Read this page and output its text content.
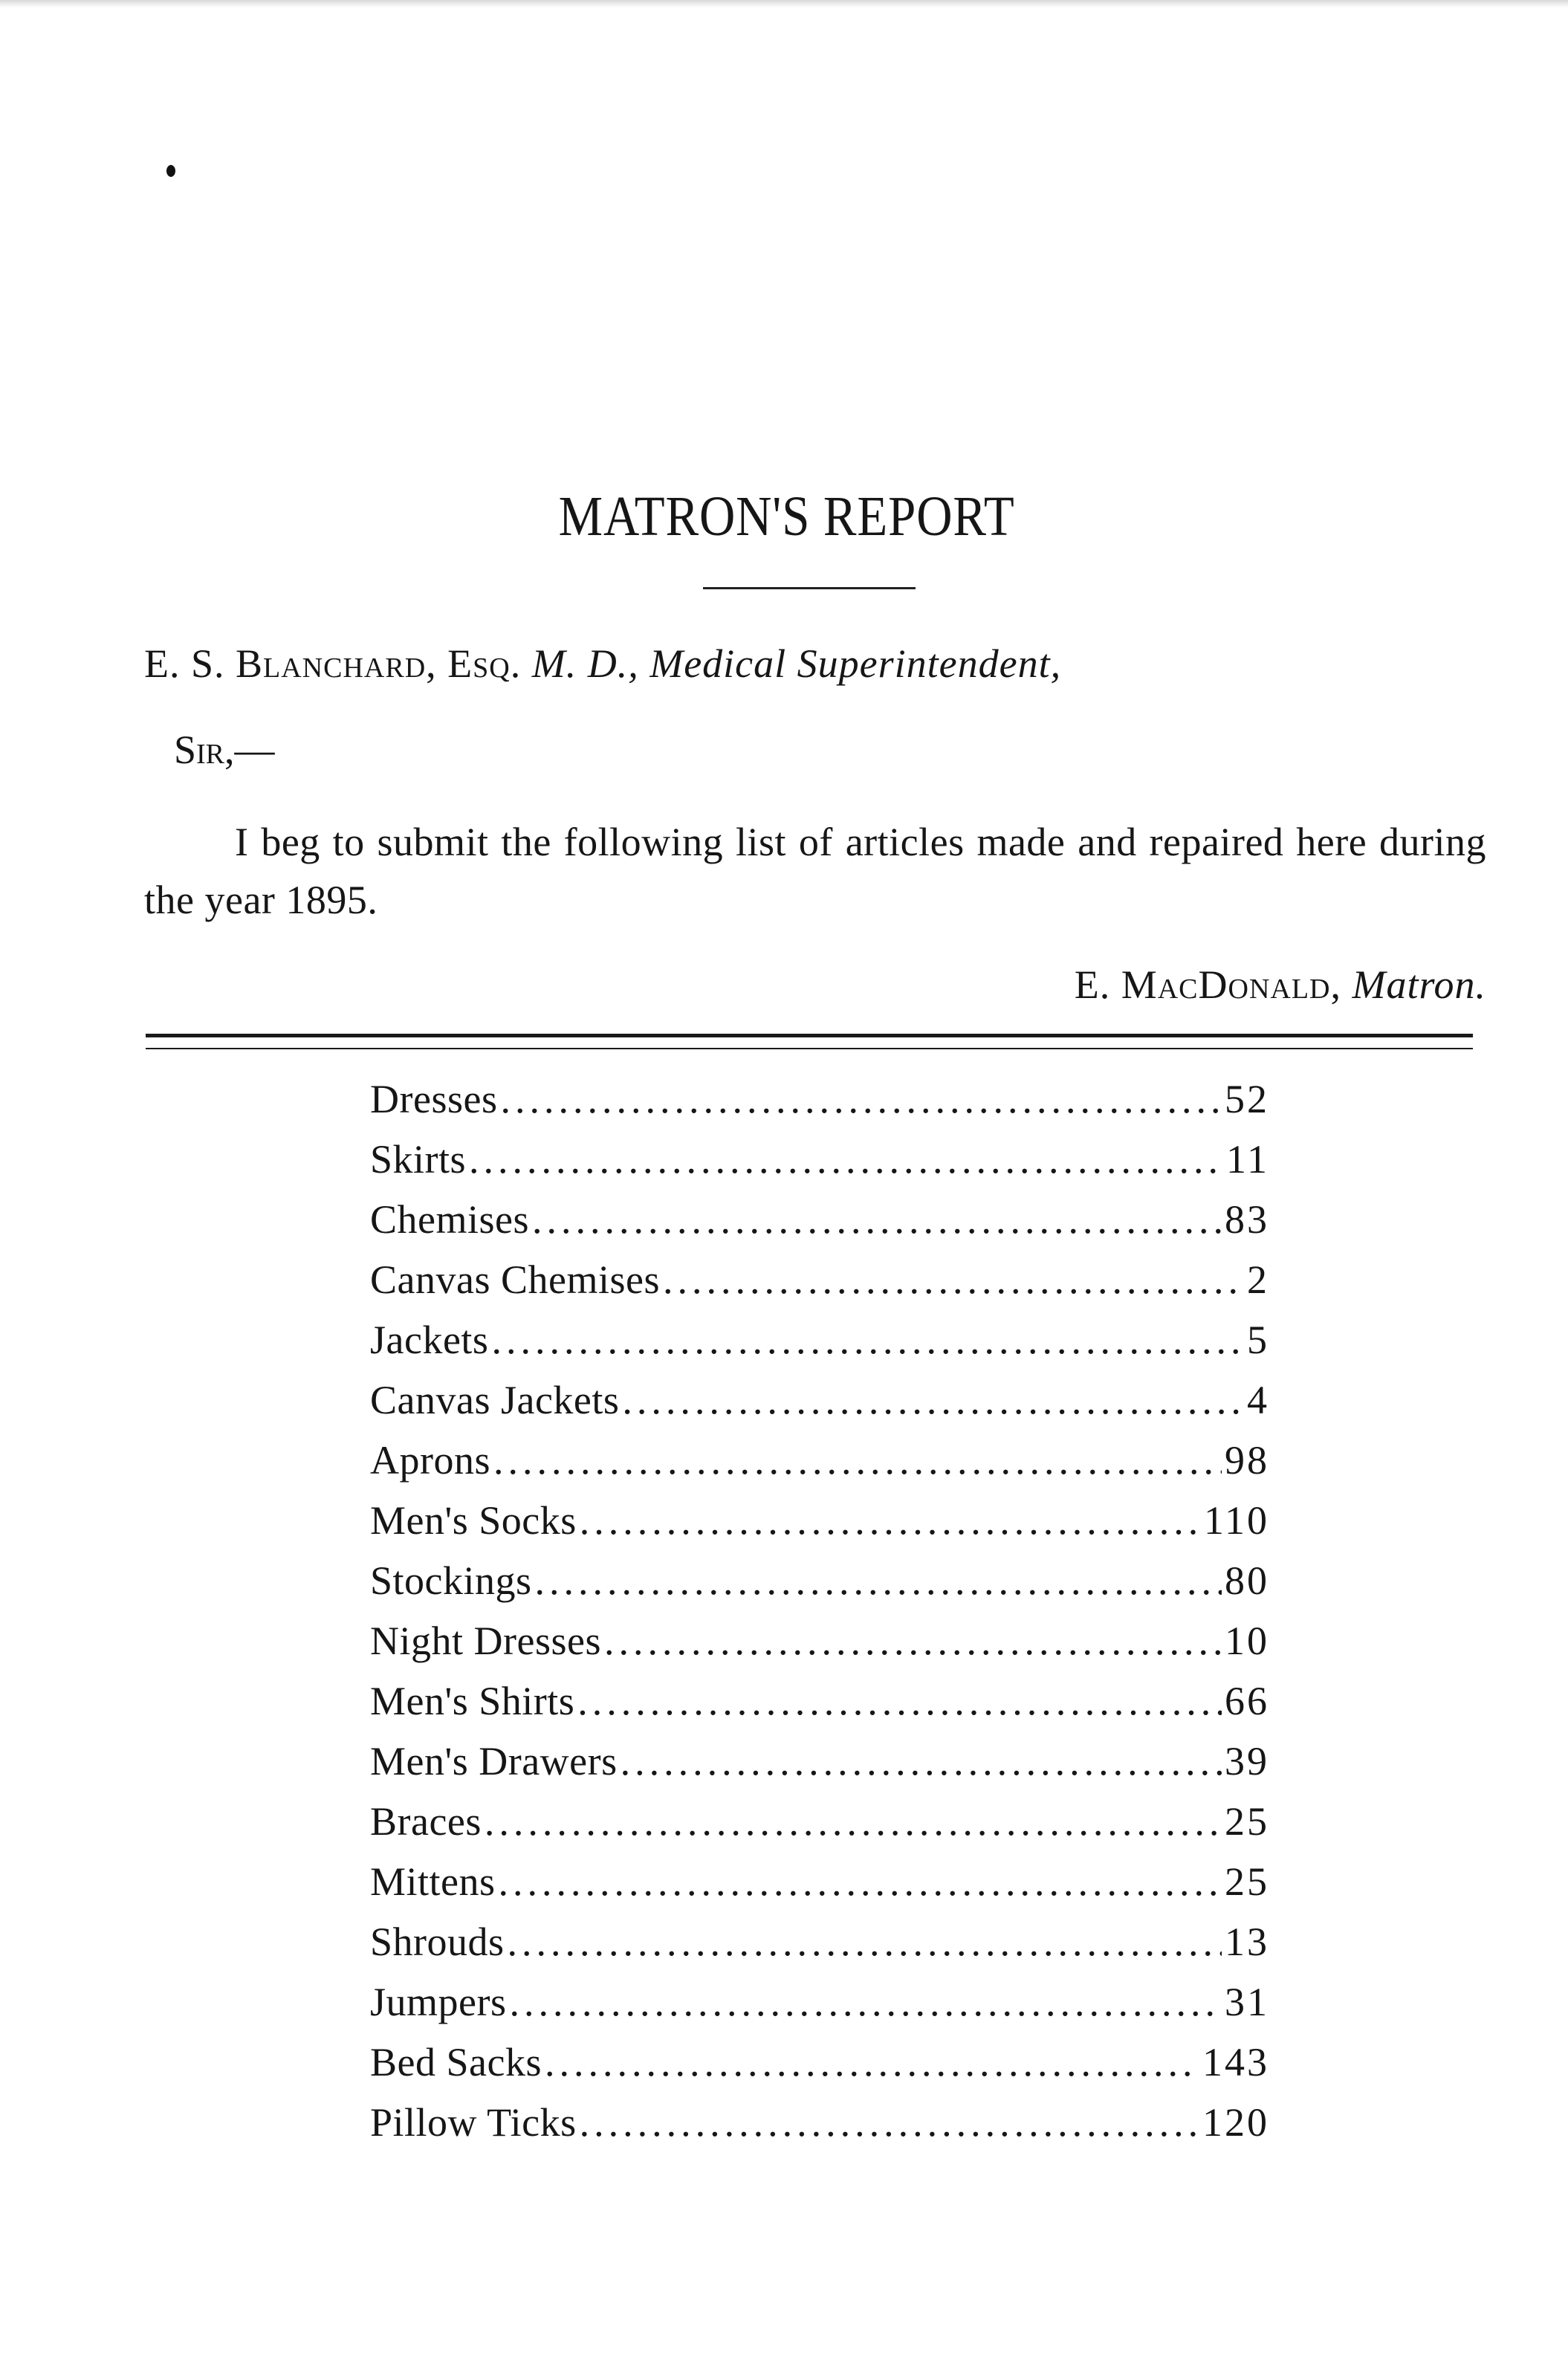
MATRON'S REPORT
E. S. Blanchard, Esq. M. D., Medical Superintendent,
Sir,—

I beg to submit the following list of articles made and repaired here during the year 1895.

E. MacDonald, Matron.
Dresses .....	52
Skirts .....	11
Chemises .....	83
Canvas Chemises .....	2
Jackets .....	5
Canvas Jackets .....	4
Aprons .....	98
Men's Socks .....	110
Stockings .....	80
Night Dresses .....	10
Men's Shirts .....	66
Men's Drawers .....	39
Braces .....	25
Mittens .....	25
Shrouds .....	13
Jumpers .....	31
Bed Sacks .....	143
Pillow Ticks .....	120
